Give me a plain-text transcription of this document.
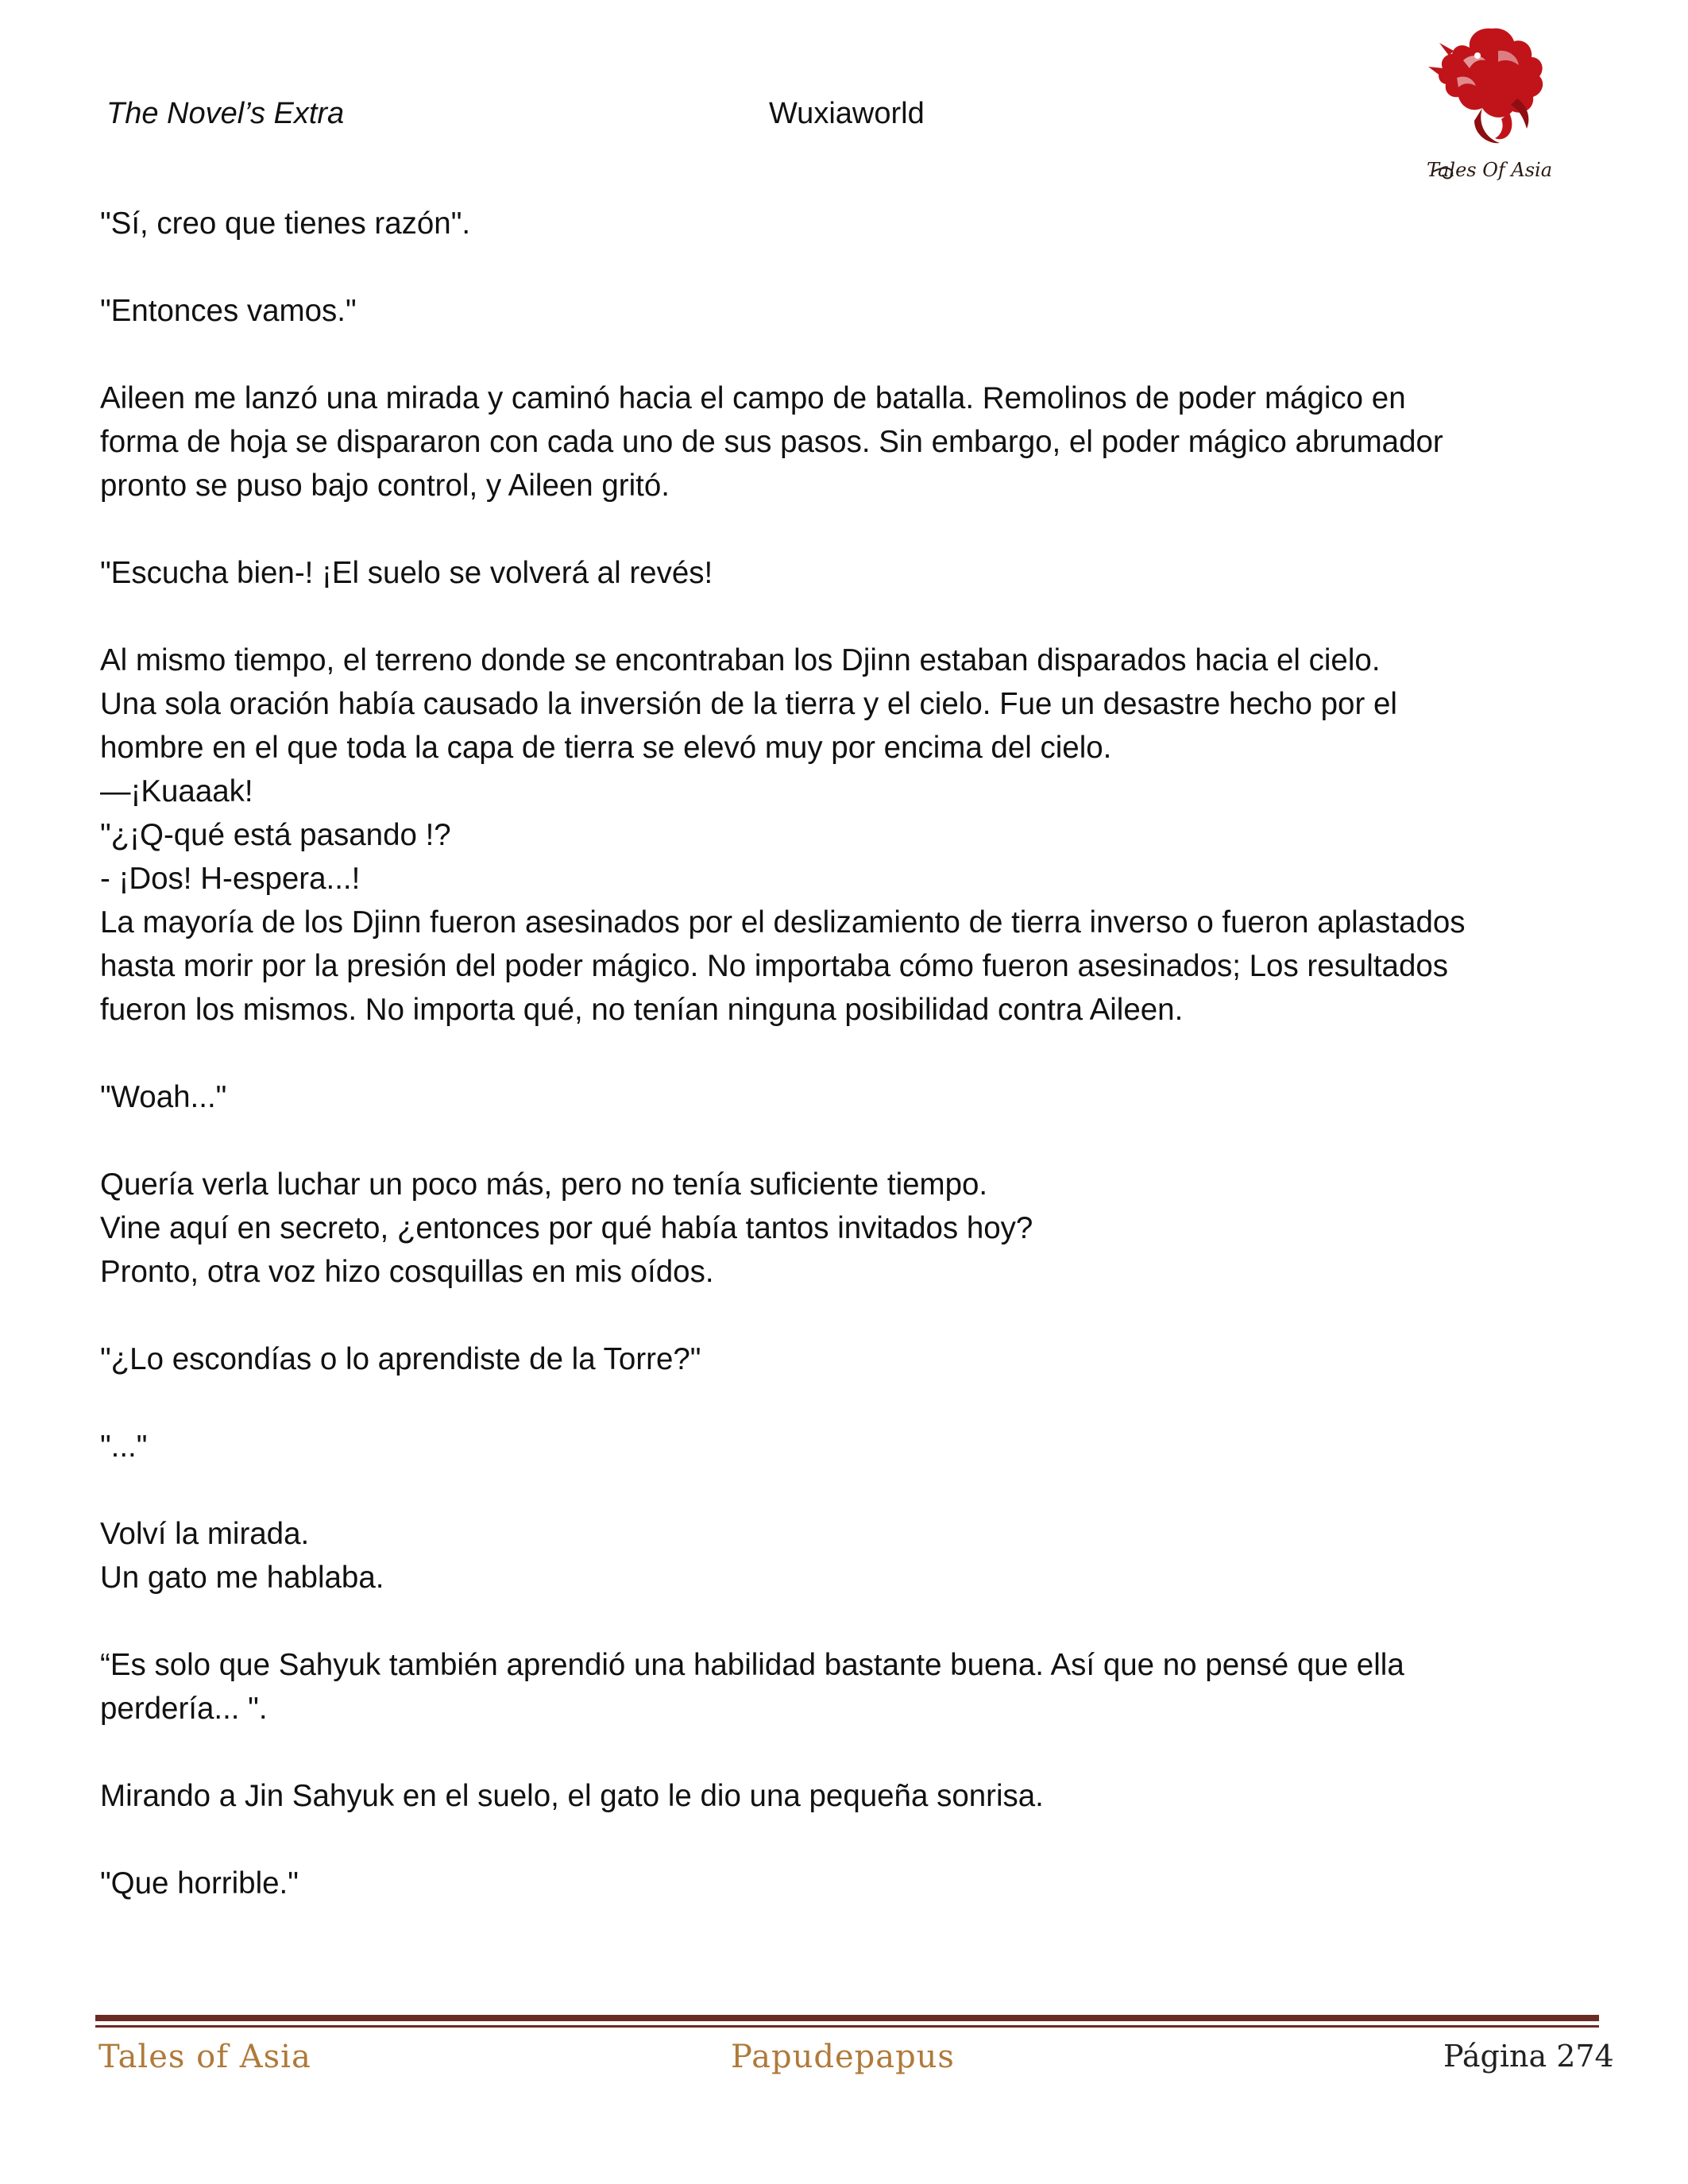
The Novel’s Extra	Wuxiaworld
Tales Of Asia
"Sí, creo que tienes razón".
"Entonces vamos."
Aileen me lanzó una mirada y caminó hacia el campo de batalla. Remolinos de poder mágico en
forma de hoja se dispararon con cada uno de sus pasos. Sin embargo, el poder mágico abrumador
pronto se puso bajo control, y Aileen gritó.
"Escucha bien-! ¡El suelo se volverá al revés!
Al mismo tiempo, el terreno donde se encontraban los Djinn estaban disparados hacia el cielo.
Una sola oración había causado la inversión de la tierra y el cielo. Fue un desastre hecho por el
hombre en el que toda la capa de tierra se elevó muy por encima del cielo.
—¡Kuaaak!
"¿¡Q-qué está pasando !?
- ¡Dos! H-espera...!
La mayoría de los Djinn fueron asesinados por el deslizamiento de tierra inverso o fueron aplastados
hasta morir por la presión del poder mágico. No importaba cómo fueron asesinados; Los resultados
fueron los mismos. No importa qué, no tenían ninguna posibilidad contra Aileen.
"Woah..."
Quería verla luchar un poco más, pero no tenía suficiente tiempo.
Vine aquí en secreto, ¿entonces por qué había tantos invitados hoy?
Pronto, otra voz hizo cosquillas en mis oídos.
"¿Lo escondías o lo aprendiste de la Torre?"
"..."
Volví la mirada.
Un gato me hablaba.
“Es solo que Sahyuk también aprendió una habilidad bastante buena. Así que no pensé que ella
perdería... ".
Mirando a Jin Sahyuk en el suelo, el gato le dio una pequeña sonrisa.
"Que horrible."
Tales of Asia	Papudepapus	Página 274
